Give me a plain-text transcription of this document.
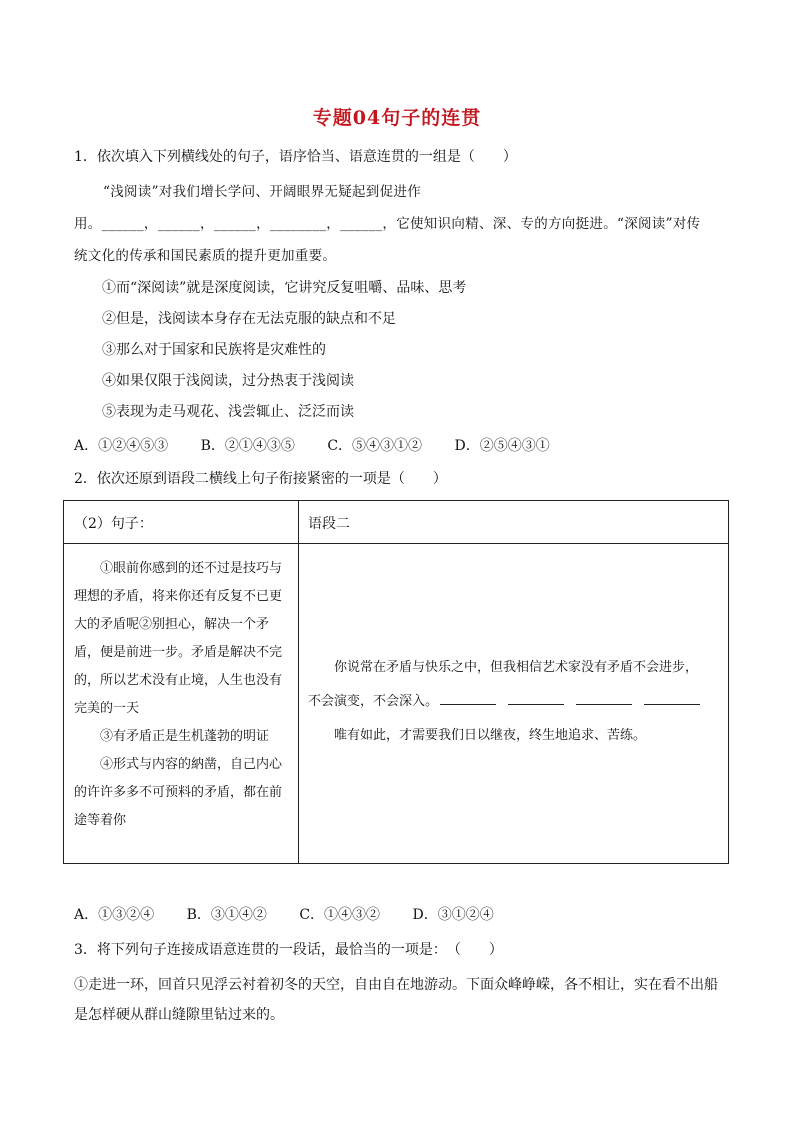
专题04句子的连贯
1．依次填入下列横线处的句子，语序恰当、语意连贯的一组是（　　）
“浅阅读”对我们增长学问、开阔眼界无疑起到促进作
用。______，______，______，________，______，它使知识向精、深、专的方向挺进。“深阅读”对传
统文化的传承和国民素质的提升更加重要。
①而“深阅读”就是深度阅读，它讲究反复咀嚼、品味、思考
②但是，浅阅读本身存在无法克服的缺点和不足
③那么对于国家和民族将是灾难性的
④如果仅限于浅阅读，过分热衷于浅阅读
⑤表现为走马观花、浅尝辄止、泛泛而读
A．①②④⑤③ B．②①④③⑤ C．⑤④③①② D．②⑤④③①
2．依次还原到语段二横线上句子衔接紧密的一项是（　　）
（2）句子：	语段二

①眼前你感到的还不过是技巧与理想的矛盾，将来你还有反复不已更大的矛盾呢②别担心，解决一个矛盾，便是前进一步。矛盾是解决不完的，所以艺术没有止境，人生也没有完美的一天

③有矛盾正是生机蓬勃的明证

④形式与内容的納凿，自己内心的许许多多不可预料的矛盾，都在前途等着你

你说常在矛盾与快乐之中，但我相信艺术家没有矛盾不会进步，

不会演变，不会深入。

唯有如此，才需要我们日以继夜，终生地追求、苦练。

A．①③②④ B．③①④② C．①④③② D．③①②④
3．将下列句子连接成语意连贯的一段话，最恰当的一项是：　（　　）
①走进一环，回首只见浮云衬着初冬的天空，自由自在地游动。下面众峰峥嵘，各不相让，实在看不出船
是怎样硬从群山缝隙里钻过来的。
